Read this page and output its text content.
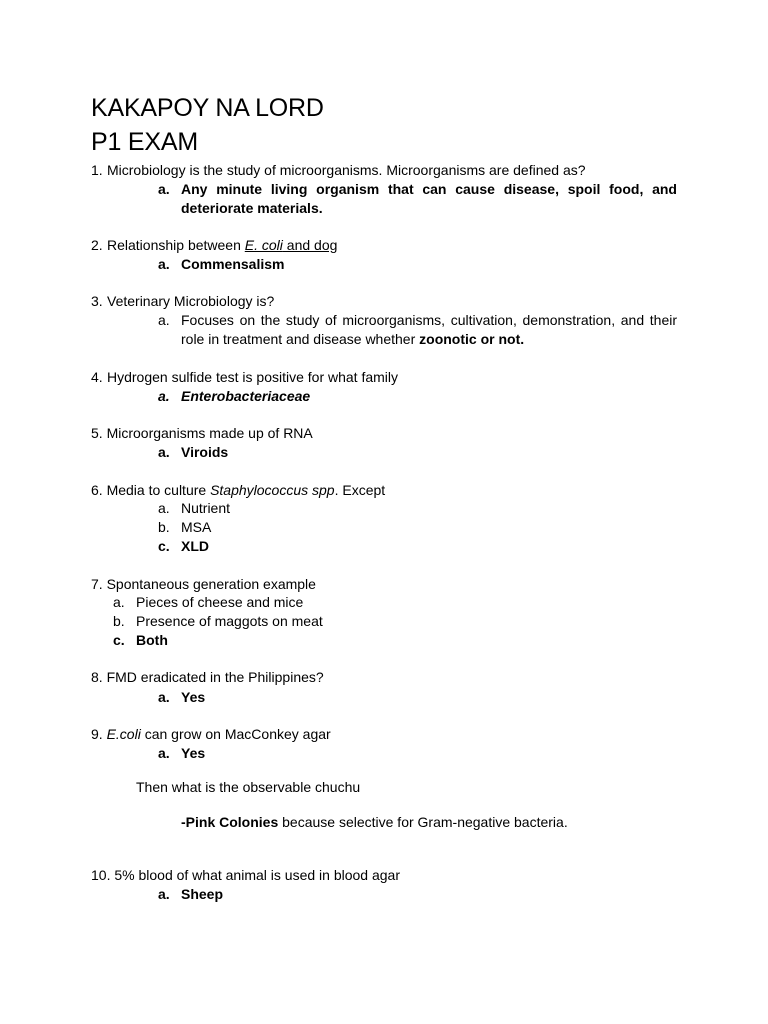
KAKAPOY NA LORD
P1 EXAM
1. Microbiology is the study of microorganisms. Microorganisms are defined as?
a. Any minute living organism that can cause disease, spoil food, and deteriorate materials.
2. Relationship between E. coli and dog
a. Commensalism
3. Veterinary Microbiology is?
a. Focuses on the study of microorganisms, cultivation, demonstration, and their role in treatment and disease whether zoonotic or not.
4. Hydrogen sulfide test is positive for what family
a. Enterobacteriaceae
5. Microorganisms made up of RNA
a. Viroids
6. Media to culture Staphylococcus spp. Except
a. Nutrient
b. MSA
c. XLD
7. Spontaneous generation example
a. Pieces of cheese and mice
b. Presence of maggots on meat
c. Both
8. FMD eradicated in the Philippines?
a. Yes
9. E.coli can grow on MacConkey agar
a. Yes
Then what is the observable chuchu
-Pink Colonies because selective for Gram-negative bacteria.
10. 5% blood of what animal is used in blood agar
a. Sheep
